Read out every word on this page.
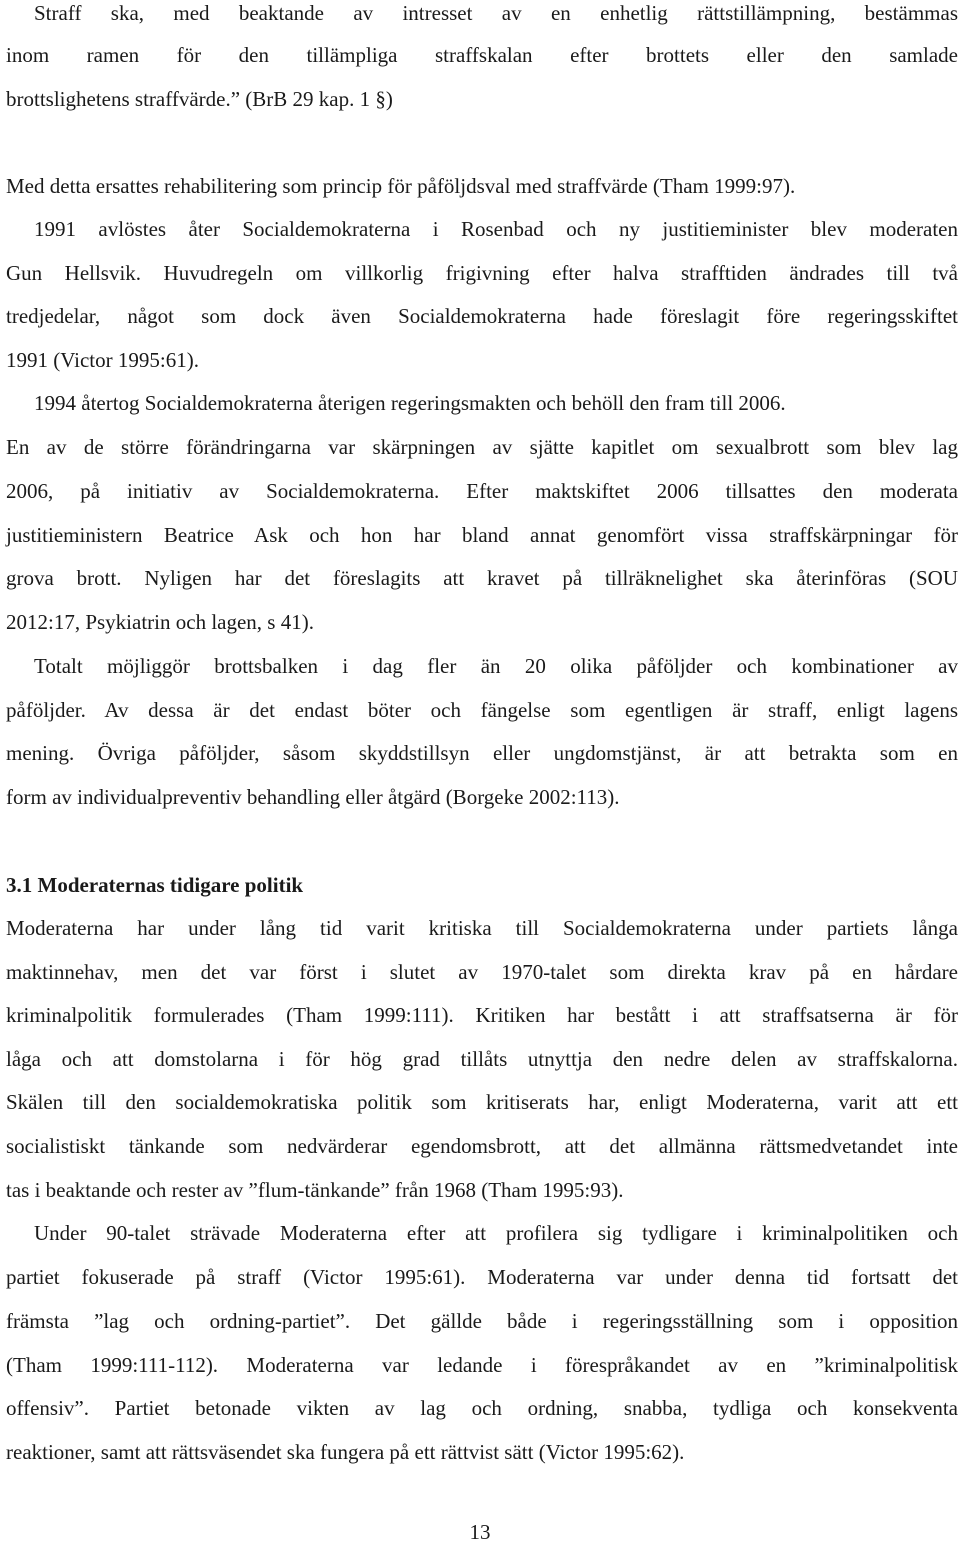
Straff ska, med beaktande av intresset av en enhetlig rättstillämpning, bestämmas
inom ramen för den tillämpliga straffskalan efter brottets eller den samlade
brottslighetens straffvärde.” (BrB 29 kap. 1 §)
Med detta ersattes rehabilitering som princip för påföljdsval med straffvärde (Tham 1999:97).
1991 avlöstes åter Socialdemokraterna i Rosenbad och ny justitieminister blev moderaten
Gun Hellsvik. Huvudregeln om villkorlig frigivning efter halva strafftiden ändrades till två
tredjedelar, något som dock även Socialdemokraterna hade föreslagit före regeringsskiftet
1991 (Victor 1995:61).
1994 återtog Socialdemokraterna återigen regeringsmakten och behöll den fram till 2006.
En av de större förändringarna var skärpningen av sjätte kapitlet om sexualbrott som blev lag
2006, på initiativ av Socialdemokraterna. Efter maktskiftet 2006 tillsattes den moderata
justitieministern Beatrice Ask och hon har bland annat genomfört vissa straffskärpningar för
grova brott. Nyligen har det föreslagits att kravet på tillräknelighet ska återinföras (SOU
2012:17, Psykiatrin och lagen, s 41).
Totalt möjliggör brottsbalken i dag fler än 20 olika påföljder och kombinationer av
påföljder. Av dessa är det endast böter och fängelse som egentligen är straff, enligt lagens
mening. Övriga påföljder, såsom skyddstillsyn eller ungdomstjänst, är att betrakta som en
form av individualpreventiv behandling eller åtgärd (Borgeke 2002:113).
3.1 Moderaternas tidigare politik
Moderaterna har under lång tid varit kritiska till Socialdemokraterna under partiets långa
maktinnehav, men det var först i slutet av 1970-talet som direkta krav på en hårdare
kriminalpolitik formulerades (Tham 1999:111). Kritiken har bestått i att straffsatserna är för
låga och att domstolarna i för hög grad tillåts utnyttja den nedre delen av straffskalorna.
Skälen till den socialdemokratiska politik som kritiserats har, enligt Moderaterna, varit att ett
socialistiskt tänkande som nedvärderar egendomsbrott, att det allmänna rättsmedvetandet inte
tas i beaktande och rester av ”flum-tänkande” från 1968 (Tham 1995:93).
Under 90-talet strävade Moderaterna efter att profilera sig tydligare i kriminalpolitiken och
partiet fokuserade på straff (Victor 1995:61). Moderaterna var under denna tid fortsatt det
främsta ”lag och ordning-partiet”. Det gällde både i regeringsställning som i opposition
(Tham 1999:111-112). Moderaterna var ledande i förespråkandet av en ”kriminalpolitisk
offensiv”. Partiet betonade vikten av lag och ordning, snabba, tydliga och konsekventa
reaktioner, samt att rättsväsendet ska fungera på ett rättvist sätt (Victor 1995:62).
13
